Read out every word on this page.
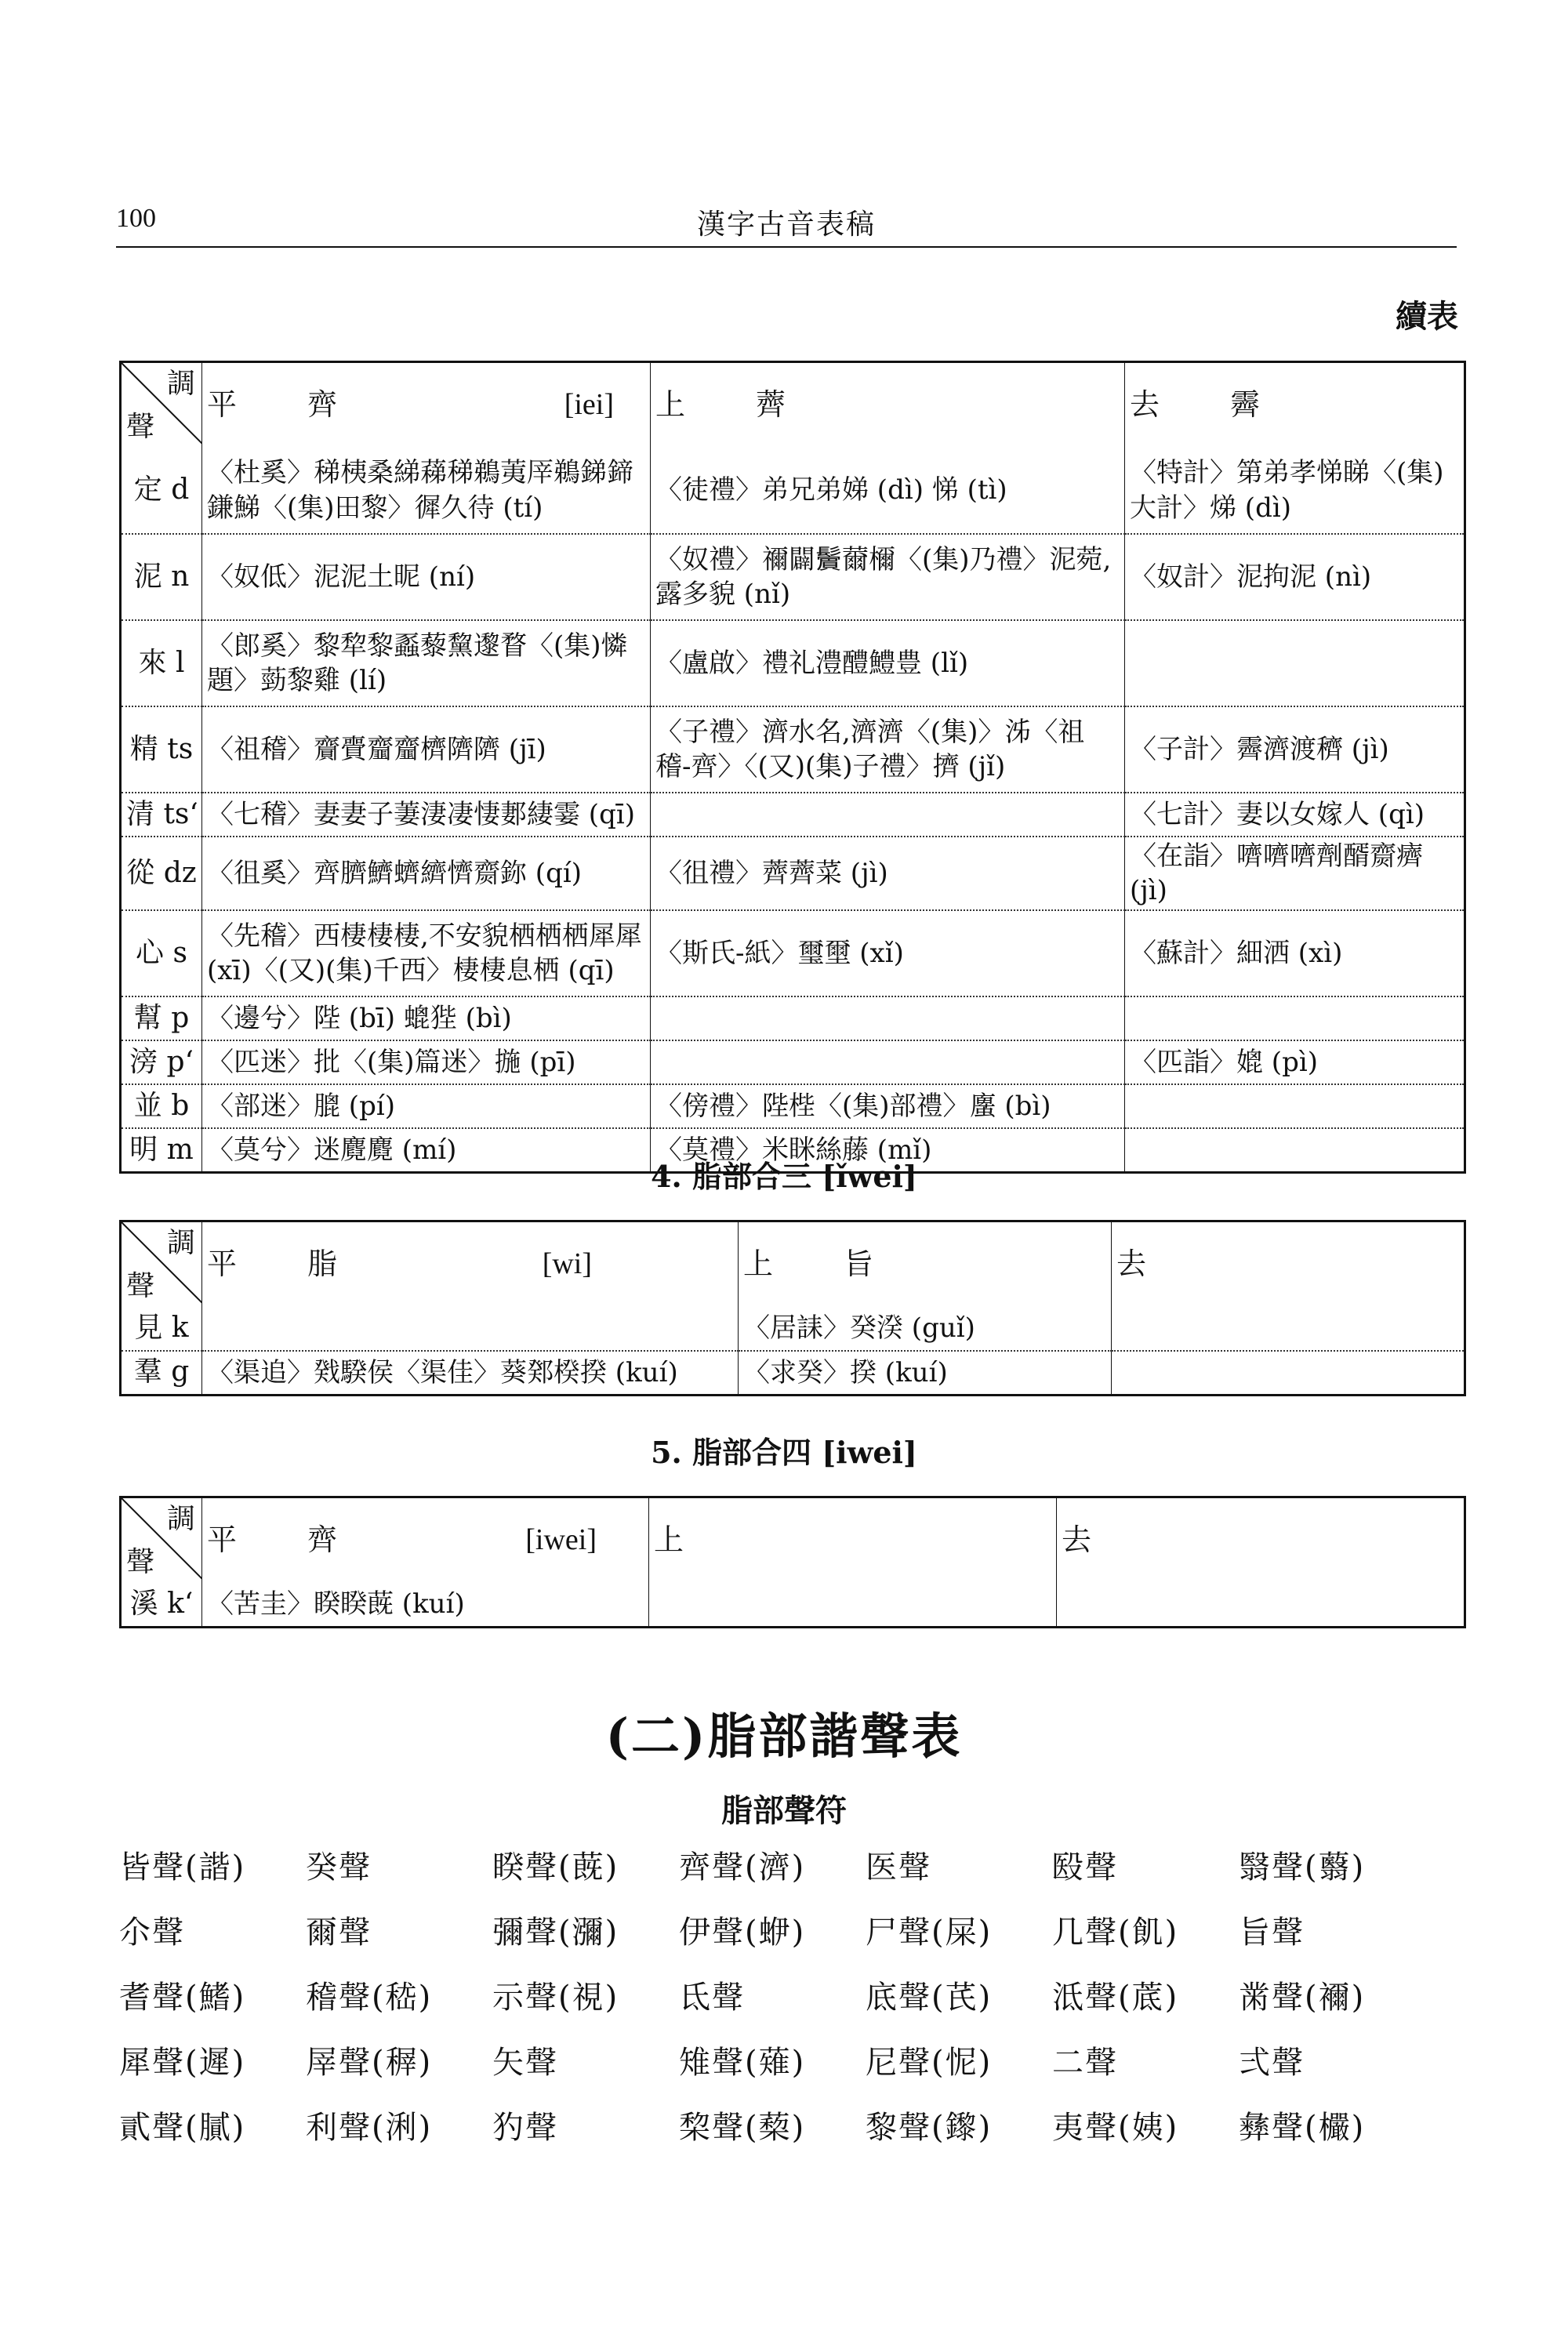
100	漢字古音表稿
續表
調
聲	平 齊 [iei]	上 薺	去 霽

定 d	〈杜奚〉稊桋桑綈蕛稊鵜荑厗鵜銻鍗鎌鮷〈(集)田黎〉徲久待 (tí)	〈徒禮〉弟兄弟娣 (dì) 悌 (tì)	〈特計〉第弟孝悌睇〈(集)大計〉焍 (dì)
泥 n	〈奴低〉泥泥土昵 (ní)	〈奴禮〉禰闢𩯭薾檷〈(集)乃禮〉泥菀,露多貌 (nǐ)	〈奴計〉泥拘泥 (nì)
來 l	〈郎奚〉黎犂黎蟸藜黧邌瞀〈(集)憐題〉葝黎雞 (lí)	〈盧啟〉禮礼澧醴鱧豊 (lǐ)	
精 ts	〈祖稽〉齎賷齏齏櫅隮隮 (jī)	〈子禮〉濟水名,濟濟〈(集)〉泲〈祖稽-齊〉〈(又)(集)子禮〉擠 (jǐ)	〈子計〉霽濟渡穧 (jì)
清 ts‘	〈七稽〉妻妻子萋淒凄悽郪緀霎 (qī)		〈七計〉妻以女嫁人 (qì)
從 dz	〈徂奚〉齊臍鱭蠐纃懠齌鉨 (qí)	〈徂禮〉薺薺菜 (jì)	〈在詣〉嚌嚌嚌劑醑齌癠 (jì)
心 s	〈先稽〉西棲棲棲,不安貌栖栖栖犀犀(xī)〈(又)(集)千西〉棲棲息栖 (qī)	〈斯氏-紙〉璽壐 (xǐ)	〈蘇計〉細洒 (xì)
幫 p	〈邊兮〉陛 (bī) 螕狴 (bì)		
滂 p‘	〈匹迷〉批〈(集)篇迷〉揓 (pī)		〈匹詣〉媲 (pì)
並 b	〈部迷〉膍 (pí)	〈傍禮〉陛梐〈(集)部禮〉螷 (bì)	
明 m	〈莫兮〉迷麑麑 (mí)	〈莫禮〉米眯絲藤 (mǐ)	
4. 脂部合三 [ǐwei]
調
聲	平 脂 [wi]	上 旨	去

見 k		〈居誄〉癸湀 (guǐ)	
羣 g	〈渠追〉戣騤侯〈渠佳〉葵鄈楑揆 (kuí)	〈求癸〉揆 (kuí)	
5. 脂部合四 [iwei]
調
聲	平 齊 [iwei]	上	去

溪 k‘	〈苦圭〉睽睽蔇 (kuí)		
(二)脂部諧聲表
脂部聲符
皆聲(諧)	癸聲	睽聲(蔇)	齊聲(濟)	医聲	殹聲	翳聲(蘙)
尒聲	爾聲	彌聲(瀰)	伊聲(蛜)	尸聲(屎)	几聲(飢)	旨聲
耆聲(鰭)	稽聲(嵇)	示聲(視)	氐聲	底聲(芪)	泜聲(菧)	黹聲(襧)
犀聲(遲)	屖聲(稺)	矢聲	雉聲(薙)	尼聲(怩)	二聲	弍聲
貳聲(膩)	利聲(浰)	犳聲	棃聲(蔾)	黎聲(鑗)	夷聲(姨)	彝聲(欕)
